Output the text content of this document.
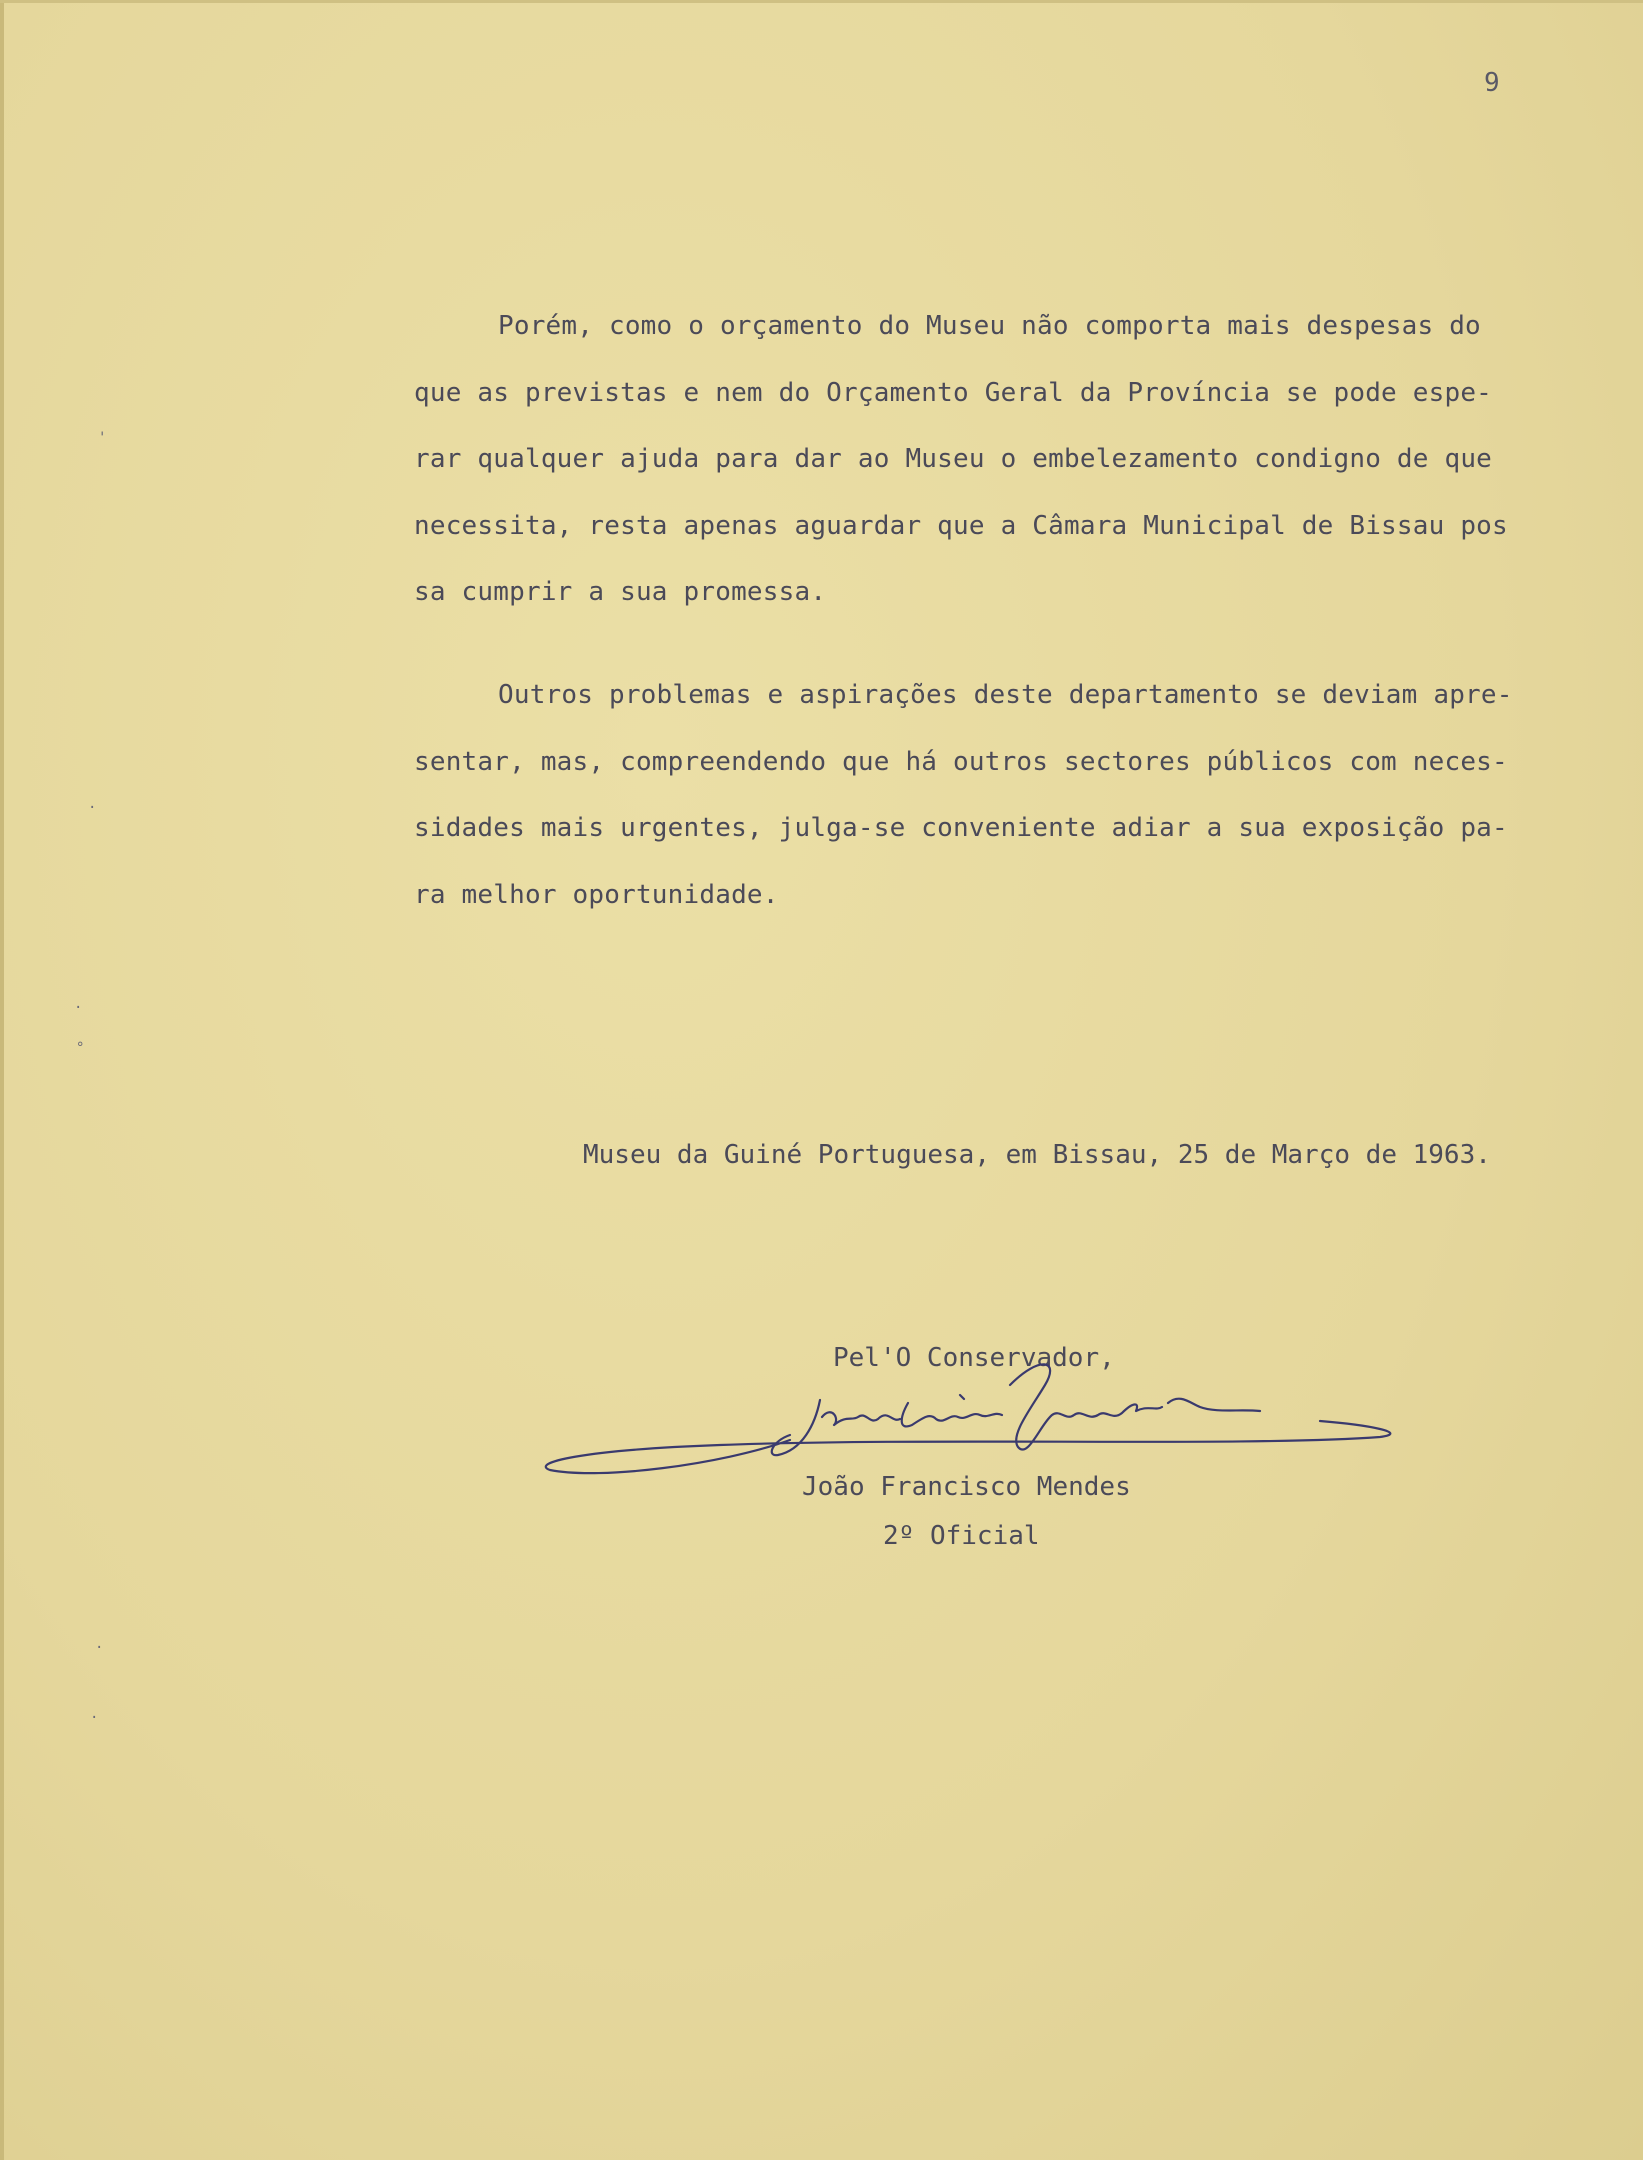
9
Porém, como o orçamento do Museu não comporta mais despesas do
que as previstas e nem do Orçamento Geral da Província se pode espe-
rar qualquer ajuda para dar ao Museu o embelezamento condigno de que
necessita, resta apenas aguardar que a Câmara Municipal de Bissau pos
sa cumprir a sua promessa.
Outros problemas e aspirações deste departamento se deviam apre-
sentar, mas, compreendendo que há outros sectores públicos com neces-
sidades mais urgentes, julga-se conveniente adiar a sua exposição pa-
ra melhor oportunidade.
Museu da Guiné Portuguesa, em Bissau, 25 de Março de 1963.
Pel'O Conservador,
João Francisco Mendes
2º Oficial
'
·
·
°
·
·
